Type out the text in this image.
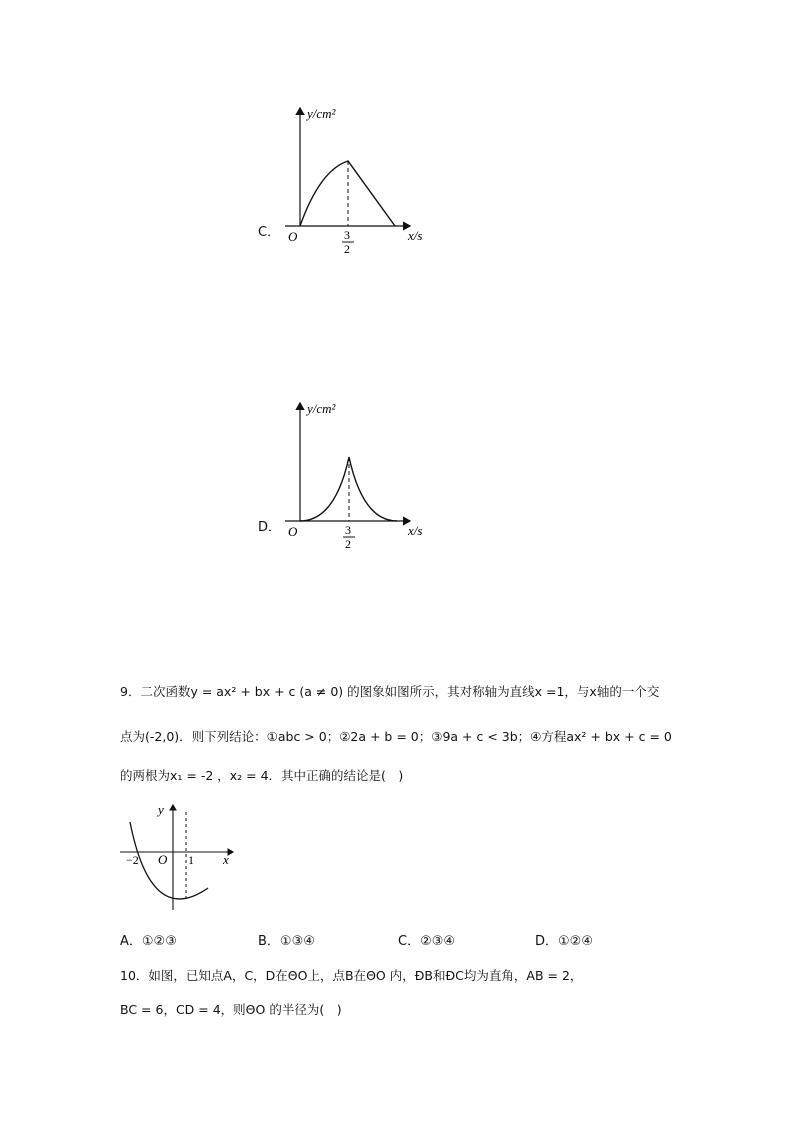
C．
y/cm²
x/s
O	3
2
D．
y/cm²
x/s
O	3
2
9．二次函数y = ax² + bx + c (a ≠ 0) 的图象如图所示，其对称轴为直线x =1，与x轴的一个交
点为(-2,0)．则下列结论：①abc > 0；②2a + b = 0；③9a + c < 3b；④方程ax² + bx + c = 0
的两根为x₁ = -2 ，x₂ = 4．其中正确的结论是(　)
y
x
O
−2	1
A．①②③	B．①③④	C．②③④	D．①②④
10．如图，已知点A，C，D在ΘO上，点B在ΘO 内，ÐB和ÐC均为直角，AB = 2，
BC = 6，CD = 4，则ΘO 的半径为(　)
